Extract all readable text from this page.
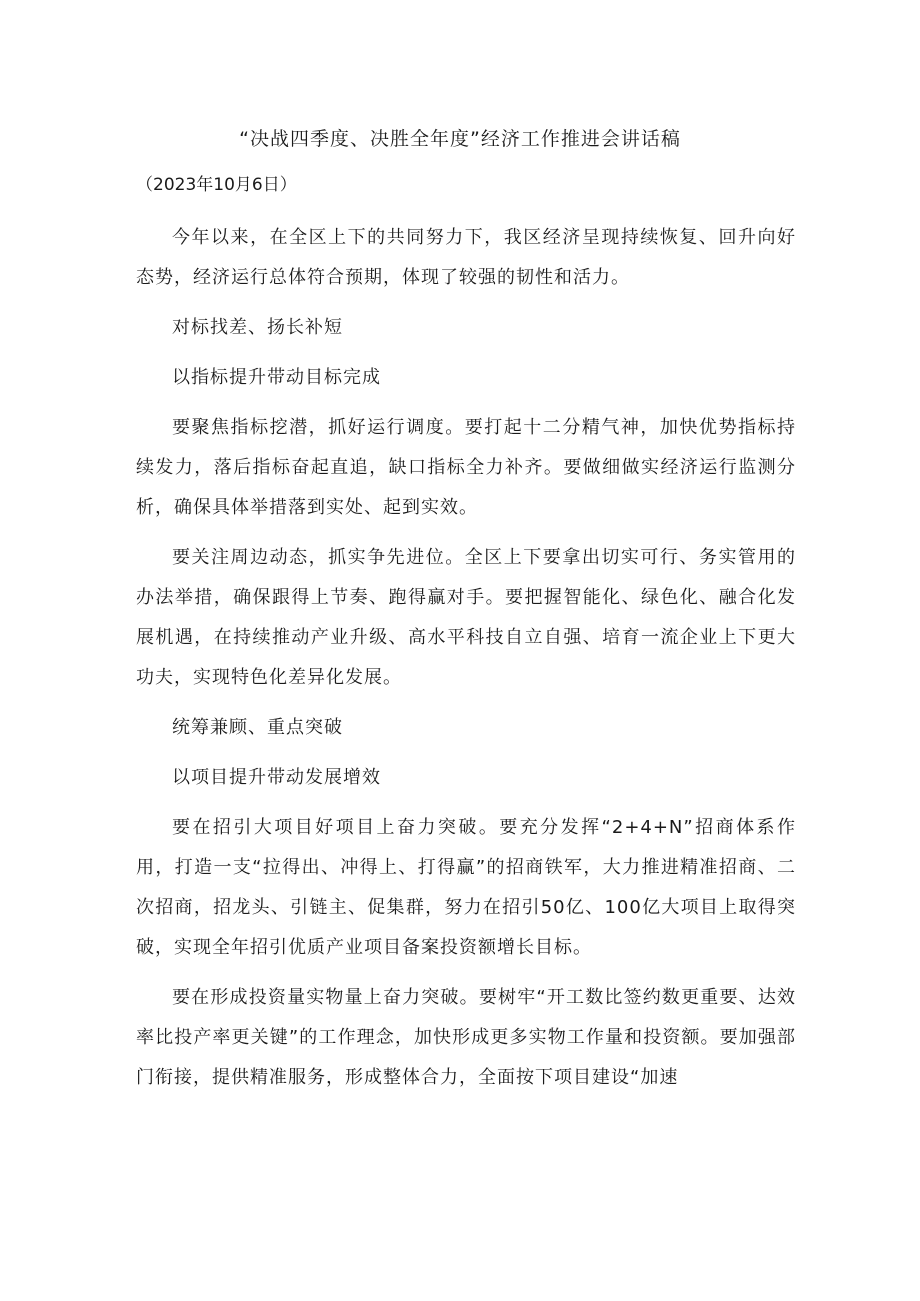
“决战四季度、决胜全年度”经济工作推进会讲话稿
（2023年10月6日）

今年以来，在全区上下的共同努力下，我区经济呈现持续恢复、回升向好态势，经济运行总体符合预期，体现了较强的韧性和活力。

对标找差、扬长补短

以指标提升带动目标完成

要聚焦指标挖潜，抓好运行调度。要打起十二分精气神，加快优势指标持续发力，落后指标奋起直追，缺口指标全力补齐。要做细做实经济运行监测分析，确保具体举措落到实处、起到实效。

要关注周边动态，抓实争先进位。全区上下要拿出切实可行、务实管用的办法举措，确保跟得上节奏、跑得赢对手。要把握智能化、绿色化、融合化发展机遇，在持续推动产业升级、高水平科技自立自强、培育一流企业上下更大功夫，实现特色化差异化发展。

统筹兼顾、重点突破

以项目提升带动发展增效

要在招引大项目好项目上奋力突破。要充分发挥“2+4+N”招商体系作用，打造一支“拉得出、冲得上、打得赢”的招商铁军，大力推进精准招商、二次招商，招龙头、引链主、促集群，努力在招引50亿、100亿大项目上取得突破，实现全年招引优质产业项目备案投资额增长目标。

要在形成投资量实物量上奋力突破。要树牢“开工数比签约数更重要、达效率比投产率更关键”的工作理念，加快形成更多实物工作量和投资额。要加强部门衔接，提供精准服务，形成整体合力，全面按下项目建设“加速
